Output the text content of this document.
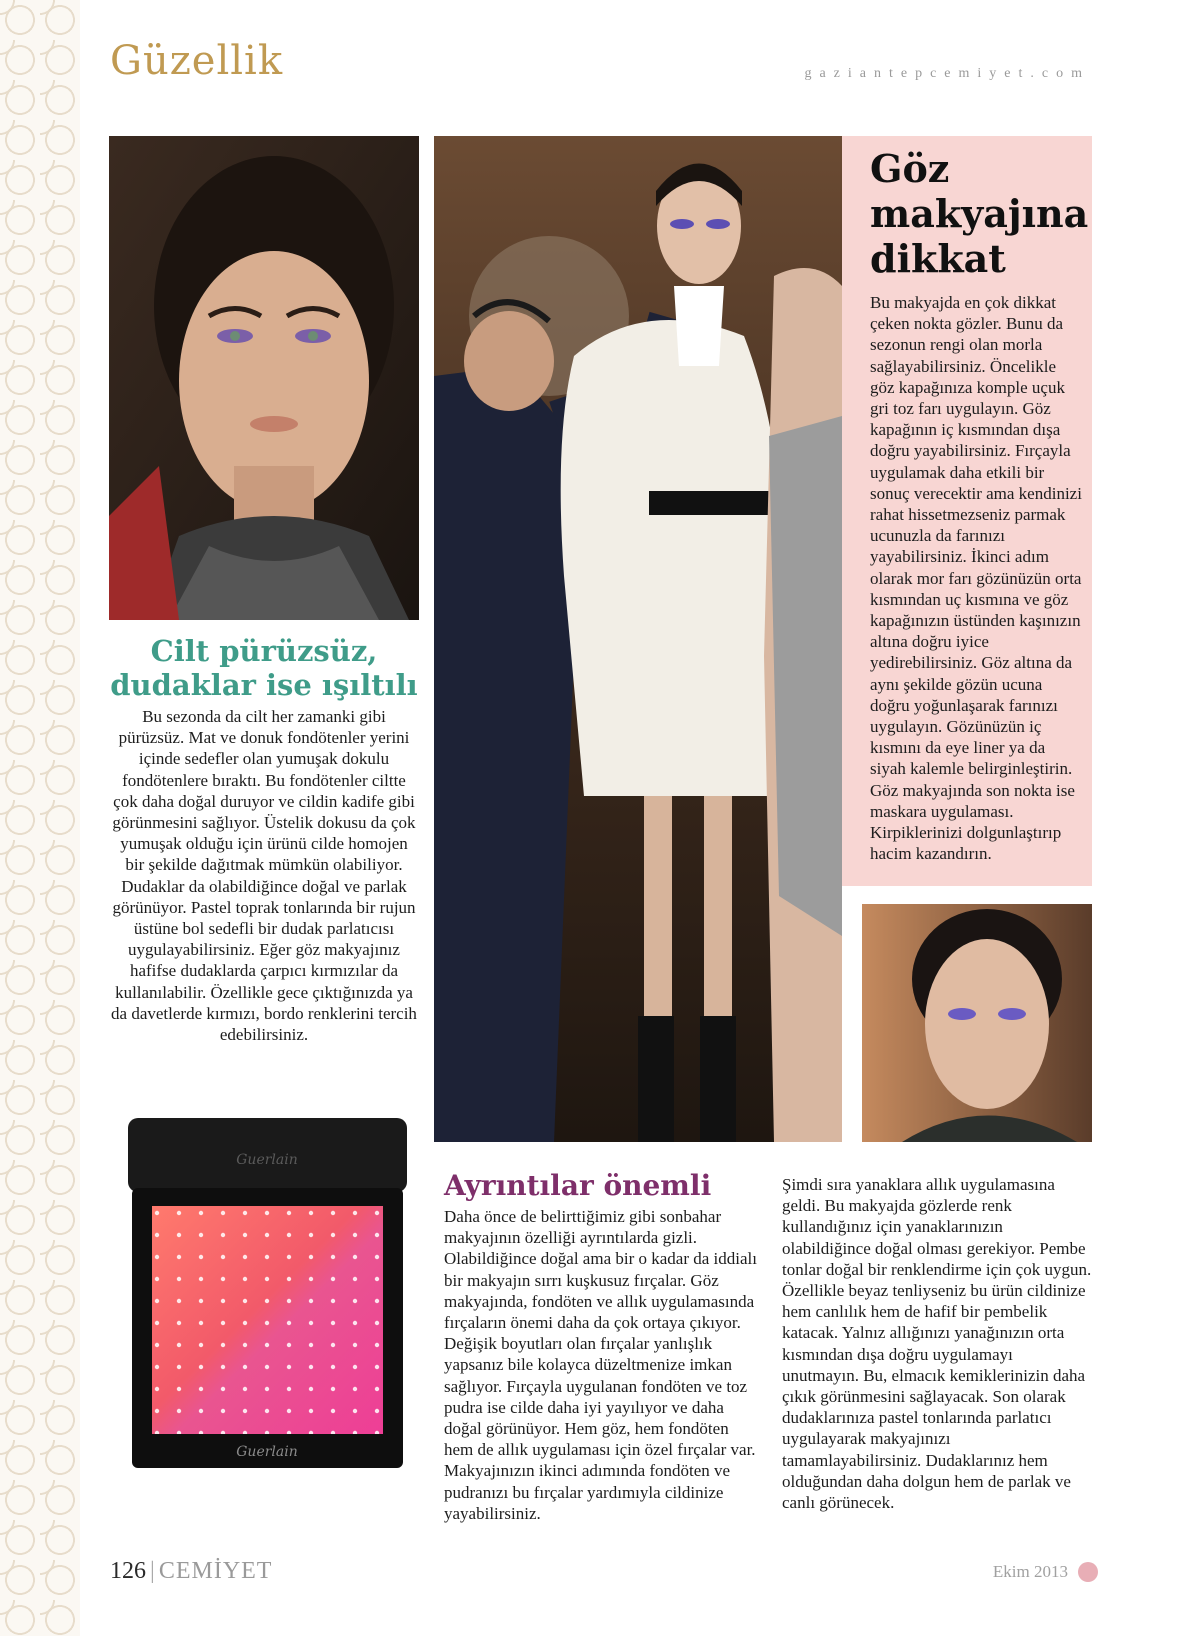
Güzellik	gaziantepcemiyet.com
Göz makyajına dikkat

Bu makyajda en çok dikkat çeken nokta gözler. Bunu da sezonun rengi olan morla sağlayabilirsiniz. Öncelikle göz kapağınıza komple uçuk gri toz farı uygulayın. Göz kapağının iç kısmından dışa doğru yayabilirsiniz. Fırçayla uygulamak daha etkili bir sonuç verecektir ama kendinizi rahat hissetmezseniz parmak ucunuzla da farınızı yayabilirsiniz. İkinci adım olarak mor farı gözünüzün orta kısmından uç kısmına ve göz kapağınızın üstünden kaşınızın altına doğru iyice yedirebilirsiniz. Göz altına da aynı şekilde gözün ucuna doğru yoğunlaşarak farınızı uygulayın. Gözünüzün iç kısmını da eye liner ya da siyah kalemle belirginleştirin. Göz makyajında son nokta ise maskara uygulaması. Kirpiklerinizi dolgunlaştırıp hacim kazandırın.

Cilt pürüzsüz, dudaklar ise ışıltılı

Bu sezonda da cilt her zamanki gibi pürüzsüz. Mat ve donuk fondötenler yerini içinde sedefler olan yumuşak dokulu fondötenlere bıraktı. Bu fondötenler ciltte çok daha doğal duruyor ve cildin kadife gibi görünmesini sağlıyor. Üstelik dokusu da çok yumuşak olduğu için ürünü cilde homojen bir şekilde dağıtmak mümkün olabiliyor. Dudaklar da olabildiğince doğal ve parlak görünüyor. Pastel toprak tonlarında bir rujun üstüne bol sedefli bir dudak parlatıcısı uygulayabilirsiniz. Eğer göz makyajınız hafifse dudaklarda çarpıcı kırmızılar da kullanılabilir. Özellikle gece çıktığınızda ya da davetlerde kırmızı, bordo renklerini tercih edebilirsiniz.

Guerlain
Guerlain
Ayrıntılar önemli

Daha önce de belirttiğimiz gibi sonbahar makyajının özelliği ayrıntılarda gizli. Olabildiğince doğal ama bir o kadar da iddialı bir makyajın sırrı kuşkusuz fırçalar. Göz makyajında, fondöten ve allık uygulamasında fırçaların önemi daha da çok ortaya çıkıyor. Değişik boyutları olan fırçalar yanlışlık yapsanız bile kolayca düzeltmenize imkan sağlıyor. Fırçayla uygulanan fondöten ve toz pudra ise cilde daha iyi yayılıyor ve daha doğal görünüyor. Hem göz, hem fondöten hem de allık uygulaması için özel fırçalar var. Makyajınızın ikinci adımında fondöten ve pudranızı bu fırçalar yardımıyla cildinize yayabilirsiniz.

Şimdi sıra yanaklara allık uygulamasına geldi. Bu makyajda gözlerde renk kullandığınız için yanaklarınızın olabildiğince doğal olması gerekiyor. Pembe tonlar doğal bir renklendirme için çok uygun. Özellikle beyaz tenliyseniz bu ürün cildinize hem canlılık hem de hafif bir pembelik katacak. Yalnız allığınızı yanağınızın orta kısmından dışa doğru uygulamayı unutmayın. Bu, elmacık kemiklerinizin daha çıkık görünmesini sağlayacak. Son olarak dudaklarınıza pastel tonlarında parlatıcı uygulayarak makyajınızı tamamlayabilirsiniz. Dudaklarınız hem olduğundan daha dolgun hem de parlak ve canlı görünecek.

126 | CEMİYET	Ekim 2013
